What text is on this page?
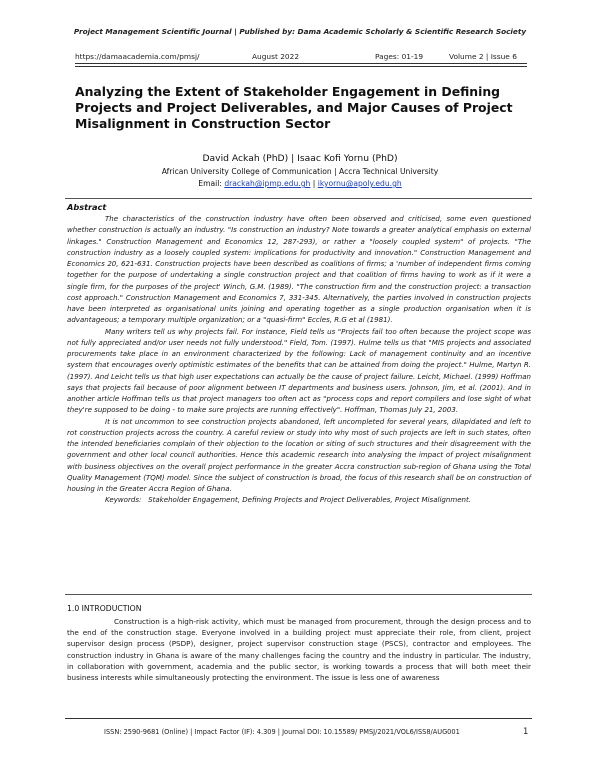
Project Management Scientific Journal | Published by: Dama Academic Scholarly & Scientific Research Society
https://damaacademia.com/pmsj/	August 2022	Pages: 01-19	Volume 2 | Issue 6
Analyzing the Extent of Stakeholder Engagement in Defining Projects and Project Deliverables, and Major Causes of Project Misalignment in Construction Sector
David Ackah (PhD) | Isaac Kofi Yornu (PhD)
African University College of Communication | Accra Technical University
Email: drackah@ipmp.edu.gh | ikyornu@apoly.edu.gh
Abstract

The characteristics of the construction industry have often been observed and criticised, some even questioned whether construction is actually an industry. "Is construction an industry? Note towards a greater analytical emphasis on external linkages." Construction Management and Economics 12, 287-293), or rather a "loosely coupled system" of projects. "The construction industry as a loosely coupled system: implications for productivity and innovation." Construction Management and Economics 20, 621-631. Construction projects have been described as coalitions of firms; a 'number of independent firms coming together for the purpose of undertaking a single construction project and that coalition of firms having to work as if it were a single firm, for the purposes of the project' Winch, G.M. (1989). "The construction firm and the construction project: a transaction cost approach." Construction Management and Economics 7, 331-345. Alternatively, the parties involved in construction projects have been interpreted as organisational units joining and operating together as a single production organisation when it is advantageous; a temporary multiple organization; or a "quasi-firm" Eccles, R.G et al (1981).

Many writers tell us why projects fail. For instance, Field tells us "Projects fail too often because the project scope was not fully appreciated and/or user needs not fully understood." Field, Tom. (1997). Hulme tells us that "MIS projects and associated procurements take place in an environment characterized by the following: Lack of management continuity and an incentive system that encourages overly optimistic estimates of the benefits that can be attained from doing the project." Hulme, Martyn R. (1997). And Leicht tells us that high user expectations can actually be the cause of project failure. Leicht, Michael. (1999) Hoffman says that projects fail because of poor alignment between IT departments and business users. Johnson, Jim, et al. (2001). And in another article Hoffman tells us that project managers too often act as "process cops and report compilers and lose sight of what they're supposed to be doing - to make sure projects are running effectively". Hoffman, Thomas July 21, 2003.

It is not uncommon to see construction projects abandoned, left uncompleted for several years, dilapidated and left to rot construction projects across the country. A careful review or study into why most of such projects are left in such states, often the intended beneficiaries complain of their objection to the location or siting of such structures and their disagreement with the government and other local council authorities. Hence this academic research into analysing the impact of project misalignment with business objectives on the overall project performance in the greater Accra construction sub-region of Ghana using the Total Quality Management (TQM) model. Since the subject of construction is broad, the focus of this research shall be on construction of housing in the Greater Accra Region of Ghana.

Keywords: Stakeholder Engagement, Defining Projects and Project Deliverables, Project Misalignment.

1.0 INTRODUCTION

Construction is a high-risk activity, which must be managed from procurement, through the design process and to the end of the construction stage. Everyone involved in a building project must appreciate their role, from client, project supervisor design process (PSDP), designer, project supervisor construction stage (PSCS), contractor and employees. The construction industry in Ghana is aware of the many challenges facing the country and the industry in particular. The industry, in collaboration with government, academia and the public sector, is working towards a process that will both meet their business interests while simultaneously protecting the environment. The issue is less one of awareness

ISSN: 2590-9681 (Online) | Impact Factor (IF): 4.309 | Journal DOI: 10.15589/ PMSJ/2021/VOL6/ISS8/AUG001	1
